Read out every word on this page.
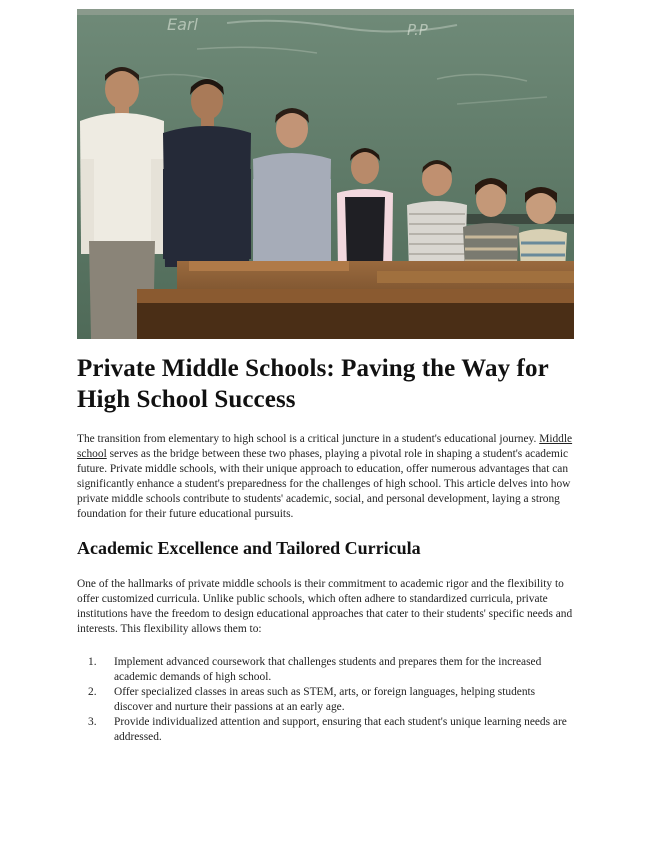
Earl	P.P
Private Middle Schools: Paving the Way for High School Success

The transition from elementary to high school is a critical juncture in a student's educational journey. Middle school serves as the bridge between these two phases, playing a pivotal role in shaping a student's academic future. Private middle schools, with their unique approach to education, offer numerous advantages that can significantly enhance a student's preparedness for the challenges of high school. This article delves into how private middle schools contribute to students' academic, social, and personal development, laying a strong foundation for their future educational pursuits.

Academic Excellence and Tailored Curricula

One of the hallmarks of private middle schools is their commitment to academic rigor and the flexibility to offer customized curricula. Unlike public schools, which often adhere to standardized curricula, private institutions have the freedom to design educational approaches that cater to their students' specific needs and interests. This flexibility allows them to:

1. Implement advanced coursework that challenges students and prepares them for the increased academic demands of high school.
2. Offer specialized classes in areas such as STEM, arts, or foreign languages, helping students discover and nurture their passions at an early age.
3. Provide individualized attention and support, ensuring that each student's unique learning needs are addressed.
